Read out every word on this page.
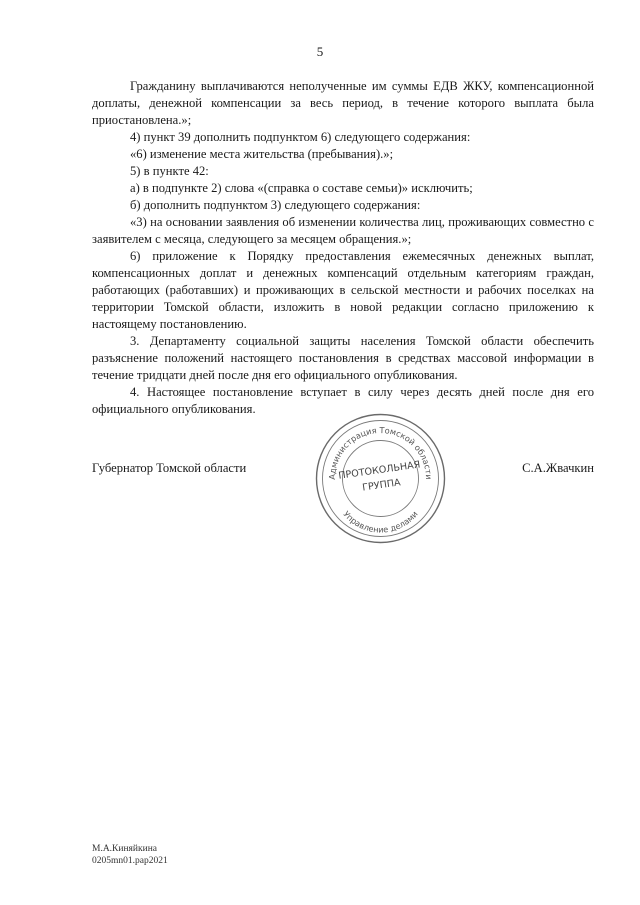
5

Гражданину выплачиваются неполученные им суммы ЕДВ ЖКУ, компенсационной доплаты, денежной компенсации за весь период, в течение которого выплата была приостановлена.»;

4) пункт 39 дополнить подпунктом 6) следующего содержания:

«6) изменение места жительства (пребывания).»;

5) в пункте 42:

а) в подпункте 2) слова «(справка о составе семьи)» исключить;

б) дополнить подпунктом 3) следующего содержания:

«3) на основании заявления об изменении количества лиц, проживающих совместно с заявителем с месяца, следующего за месяцем обращения.»;

6) приложение к Порядку предоставления ежемесячных денежных выплат, компенсационных доплат и денежных компенсаций отдельным категориям граждан, работающих (работавших) и проживающих в сельской местности и рабочих поселках на территории Томской области, изложить в новой редакции согласно приложению к настоящему постановлению.

3. Департаменту социальной защиты населения Томской области обеспечить разъяснение положений настоящего постановления в средствах массовой информации в течение тридцати дней после дня его официального опубликования.

4. Настоящее постановление вступает в силу через десять дней после дня его официального опубликования.

Губернатор Томской области	С.А.Жвачкин
Администрация Томской области
Управление делами
ПРОТОКОЛЬНАЯ
ГРУППА
М.А.Киняйкина
0205mn01.pap2021
